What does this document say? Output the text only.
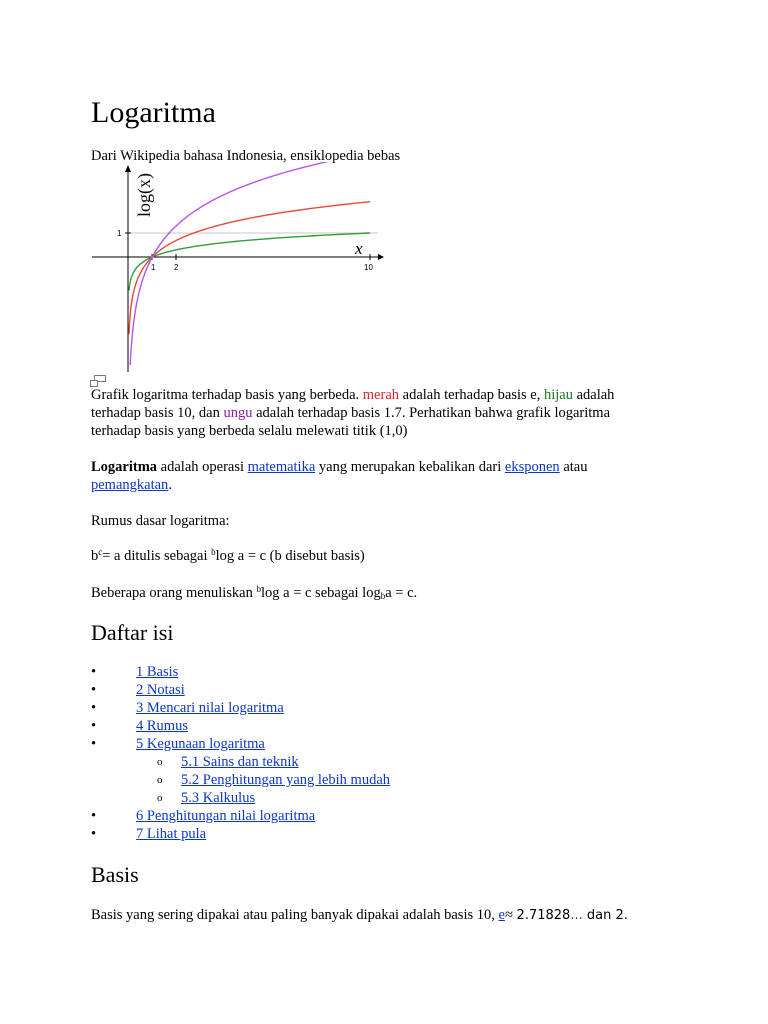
Logaritma

Dari Wikipedia bahasa Indonesia, ensiklopedia bebas

1 2	10
1
x
log(x)

Grafik logaritma terhadap basis yang berbeda. merah adalah terhadap basis e, hijau adalah

terhadap basis 10, dan ungu adalah terhadap basis 1.7. Perhatikan bahwa grafik logaritma

terhadap basis yang berbeda selalu melewati titik (1,0)

Logaritma adalah operasi matematika yang merupakan kebalikan dari eksponen atau

pemangkatan.

Rumus dasar logaritma:

$b^c= a$ ditulis sebagai $^b$log a = c (b disebut basis)

Beberapa orang menuliskan $^b$log a = c sebagai $\log_ba = c$.

Daftar isi
•	1 Basis
•	2 Notasi
•	3 Mencari nilai logaritma
•	4 Rumus
•	5 Kegunaan logaritma
o	5.1 Sains dan teknik
o	5.2 Penghitungan yang lebih mudah
o	5.3 Kalkulus
•	6 Penghitungan nilai logaritma
•	7 Lihat pula
Basis

Basis yang sering dipakai atau paling banyak dipakai adalah basis 10, e≈ 2.71828... dan 2.
